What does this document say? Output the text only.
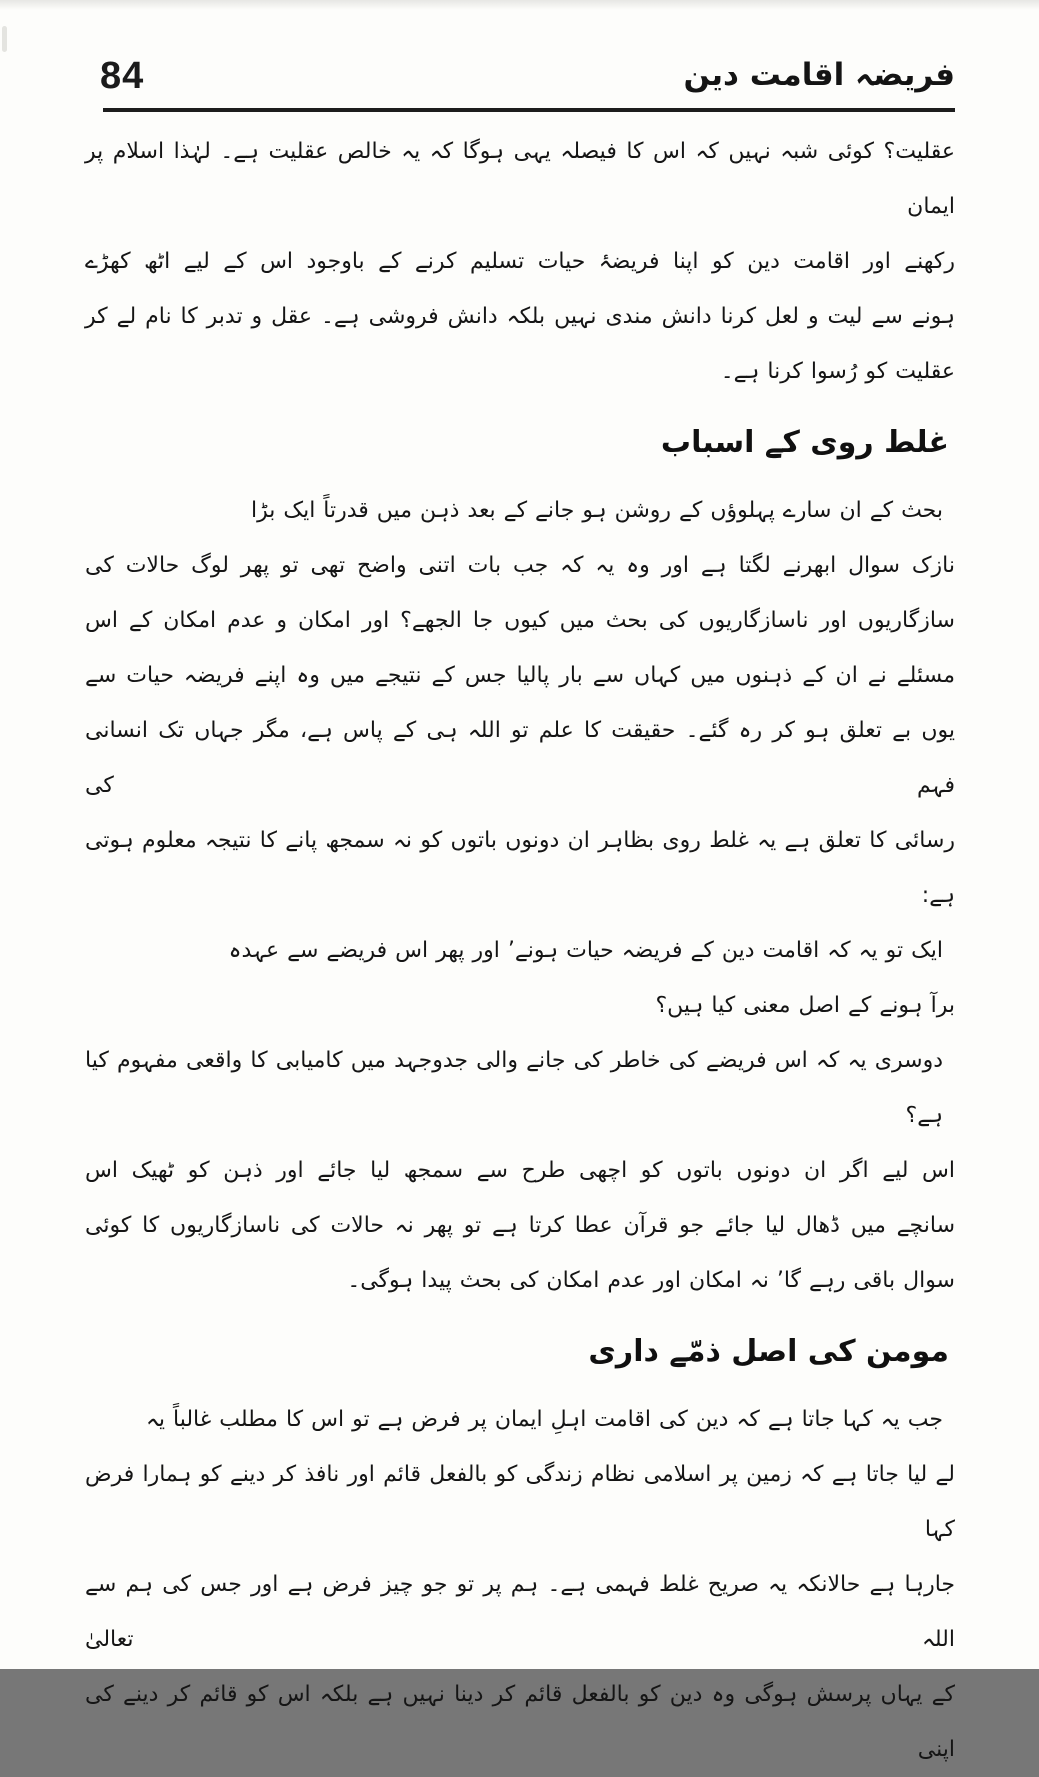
84	فریضہ اقامت دین
عقلیت؟ کوئی شبہ نہیں کہ اس کا فیصلہ یہی ہوگا کہ یہ خالص عقلیت ہے۔ لہٰذا اسلام پر ایمان
رکھنے اور اقامت دین کو اپنا فریضۂ حیات تسلیم کرنے کے باوجود اس کے لیے اٹھ کھڑے
ہونے سے لیت و لعل کرنا دانش مندی نہیں بلکہ دانش فروشی ہے۔ عقل و تدبر کا نام لے کر
عقلیت کو رُسوا کرنا ہے۔
غلط روی کے اسباب
بحث کے ان سارے پہلوؤں کے روشن ہو جانے کے بعد ذہن میں قدرتاً ایک بڑا
نازک سوال ابھرنے لگتا ہے اور وہ یہ کہ جب بات اتنی واضح تھی تو پھر لوگ حالات کی
سازگاریوں اور ناسازگاریوں کی بحث میں کیوں جا الجھے؟ اور امکان و عدم امکان کے اس
مسئلے نے ان کے ذہنوں میں کہاں سے بار پالیا جس کے نتیجے میں وہ اپنے فریضہ حیات سے
یوں بے تعلق ہو کر رہ گئے۔ حقیقت کا علم تو اللہ ہی کے پاس ہے، مگر جہاں تک انسانی فہم کی
رسائی کا تعلق ہے یہ غلط روی بظاہر ان دونوں باتوں کو نہ سمجھ پانے کا نتیجہ معلوم ہوتی ہے:
ایک تو یہ کہ اقامت دین کے فریضہ حیات ہونے’ اور پھر اس فریضے سے عہدہ
برآ ہونے کے اصل معنی کیا ہیں؟
دوسری یہ کہ اس فریضے کی خاطر کی جانے والی جدوجہد میں کامیابی کا واقعی مفہوم کیا ہے؟
اس لیے اگر ان دونوں باتوں کو اچھی طرح سے سمجھ لیا جائے اور ذہن کو ٹھیک اس
سانچے میں ڈھال لیا جائے جو قرآن عطا کرتا ہے تو پھر نہ حالات کی ناسازگاریوں کا کوئی
سوال باقی رہے گا’ نہ امکان اور عدم امکان کی بحث پیدا ہوگی۔
مومن کی اصل ذمّے داری
جب یہ کہا جاتا ہے کہ دین کی اقامت اہلِ ایمان پر فرض ہے تو اس کا مطلب غالباً یہ
لے لیا جاتا ہے کہ زمین پر اسلامی نظام زندگی کو بالفعل قائم اور نافذ کر دینے کو ہمارا فرض کہا
جارہا ہے حالانکہ یہ صریح غلط فہمی ہے۔ ہم پر تو جو چیز فرض ہے اور جس کی ہم سے اللہ تعالیٰ
کے یہاں پرسش ہوگی وہ دین کو بالفعل قائم کر دینا نہیں ہے بلکہ اس کو قائم کر دینے کی اپنی
